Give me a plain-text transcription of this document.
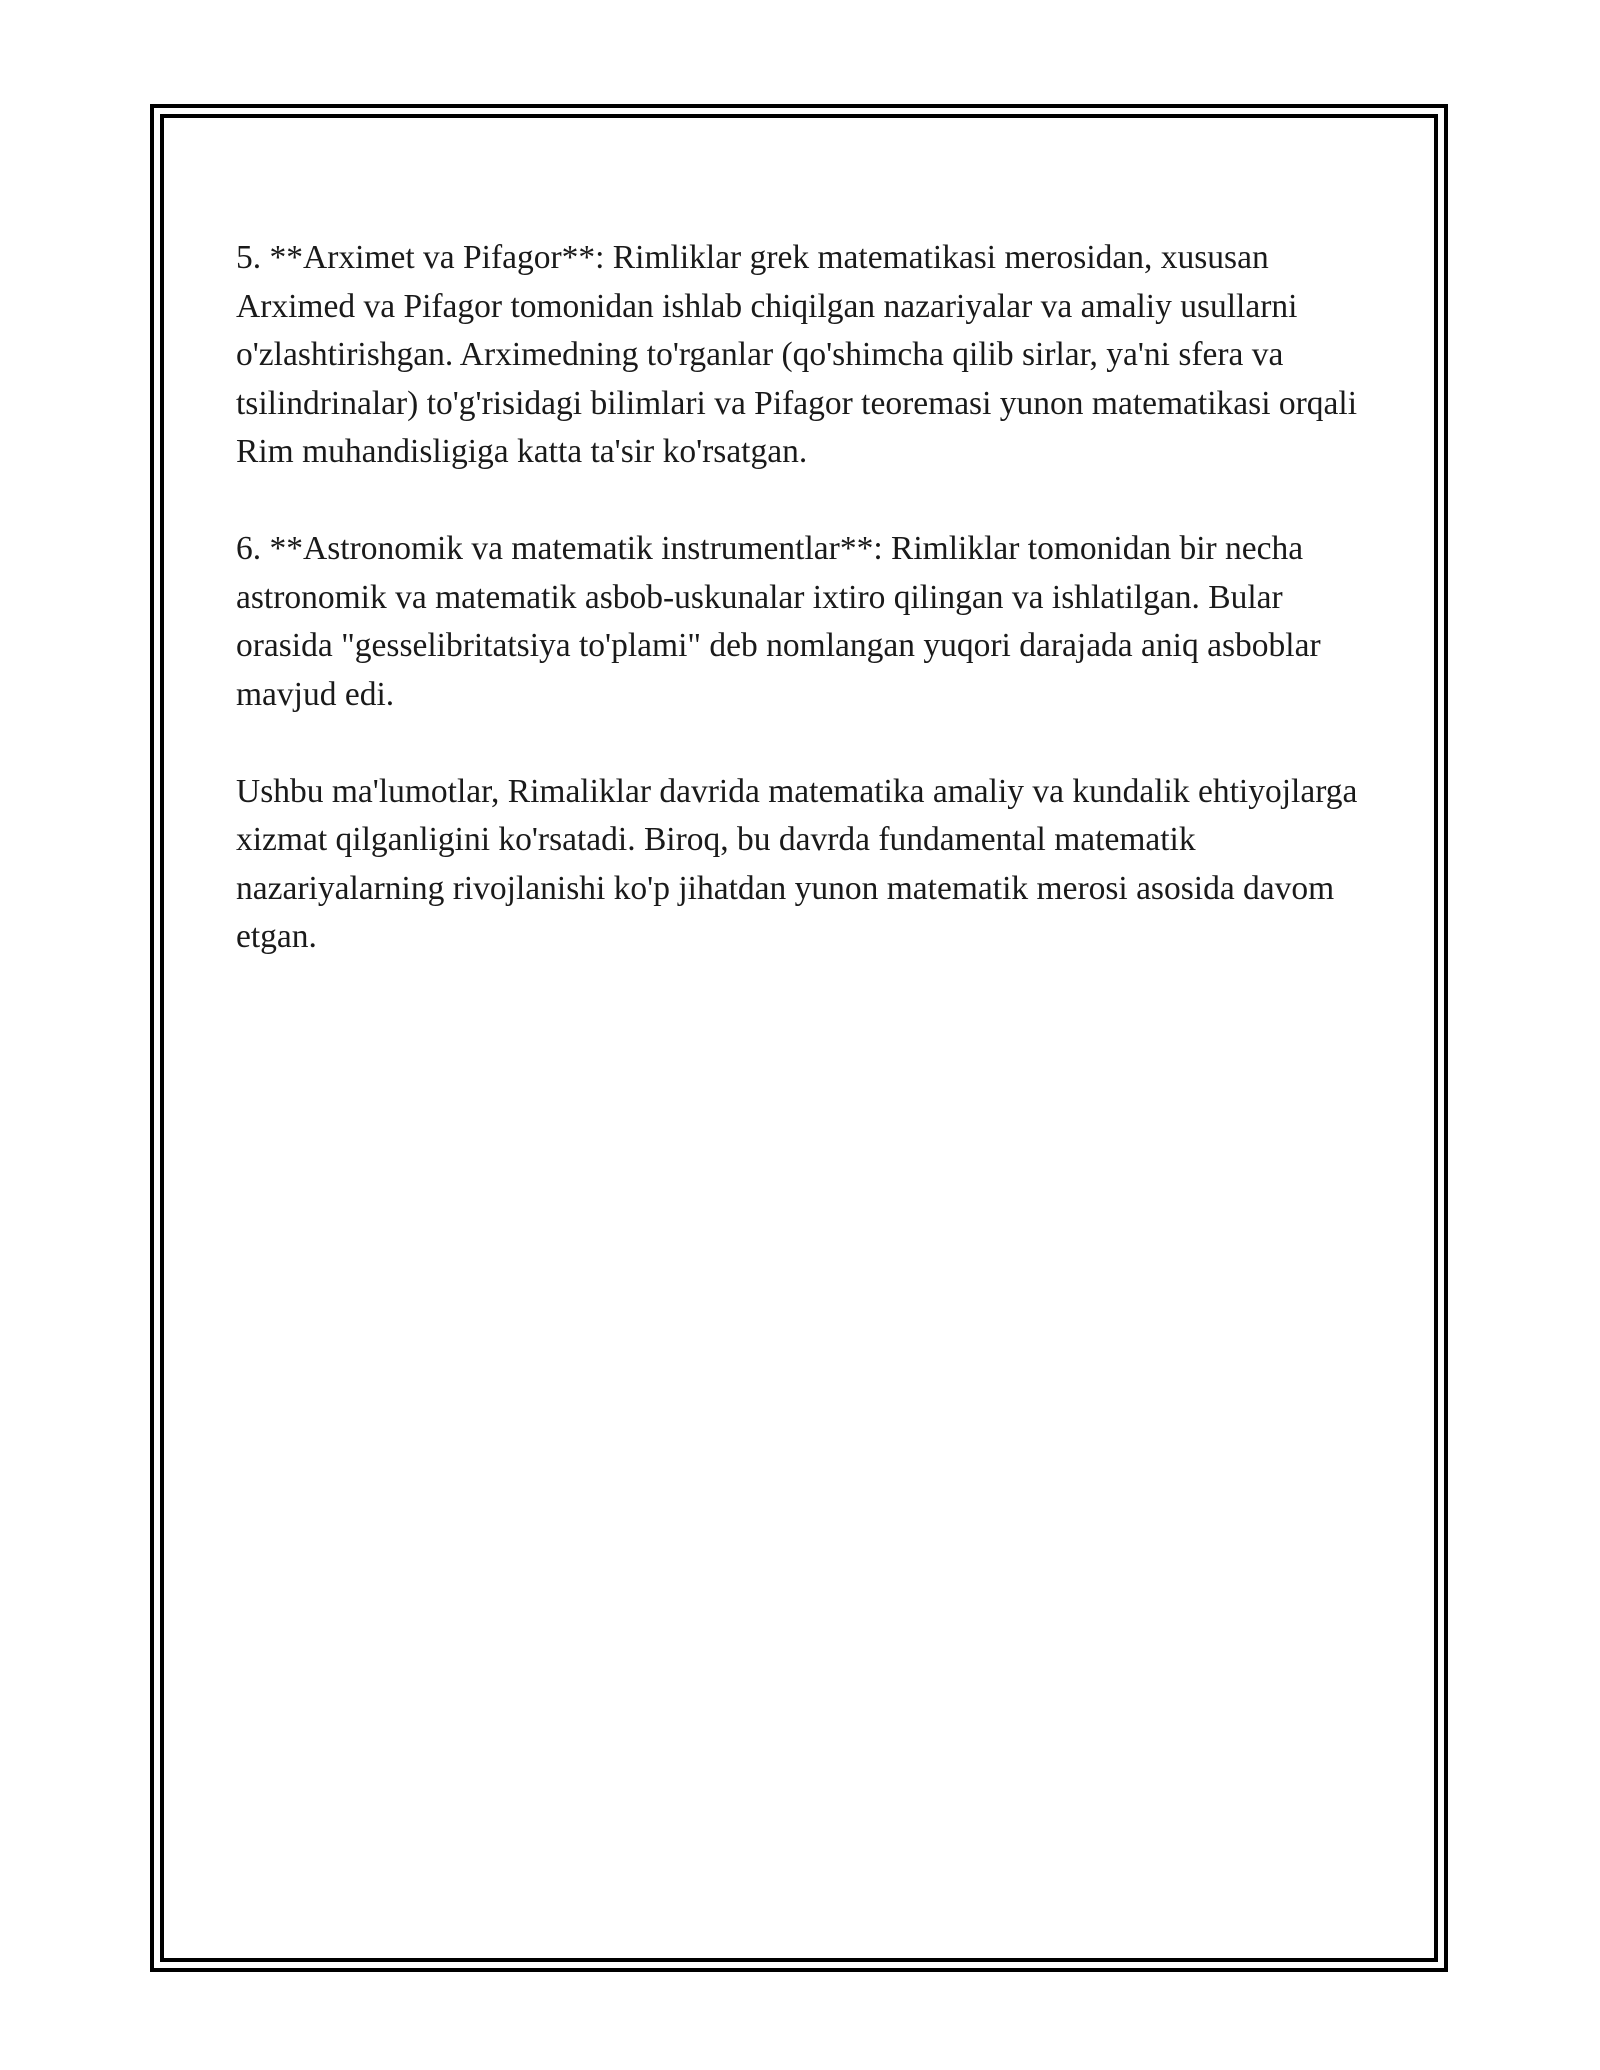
5. **Arximet va Pifagor**: Rimliklar grek matematikasi merosidan, xususan Arximed va Pifagor tomonidan ishlab chiqilgan nazariyalar va amaliy usullarni o'zlashtirishgan. Arximedning to'rganlar (qo'shimcha qilib sirlar, ya'ni sfera va tsilindrinalar) to'g'risidagi bilimlari va Pifagor teoremasi yunon matematikasi orqali Rim muhandisligiga katta ta'sir ko'rsatgan.

6. **Astronomik va matematik instrumentlar**: Rimliklar tomonidan bir necha astronomik va matematik asbob-uskunalar ixtiro qilingan va ishlatilgan. Bular orasida "gesselibritatsiya to'plami" deb nomlangan yuqori darajada aniq asboblar mavjud edi.

Ushbu ma'lumotlar, Rimaliklar davrida matematika amaliy va kundalik ehtiyojlarga xizmat qilganligini ko'rsatadi. Biroq, bu davrda fundamental matematik nazariyalarning rivojlanishi ko'p jihatdan yunon matematik merosi asosida davom etgan.
